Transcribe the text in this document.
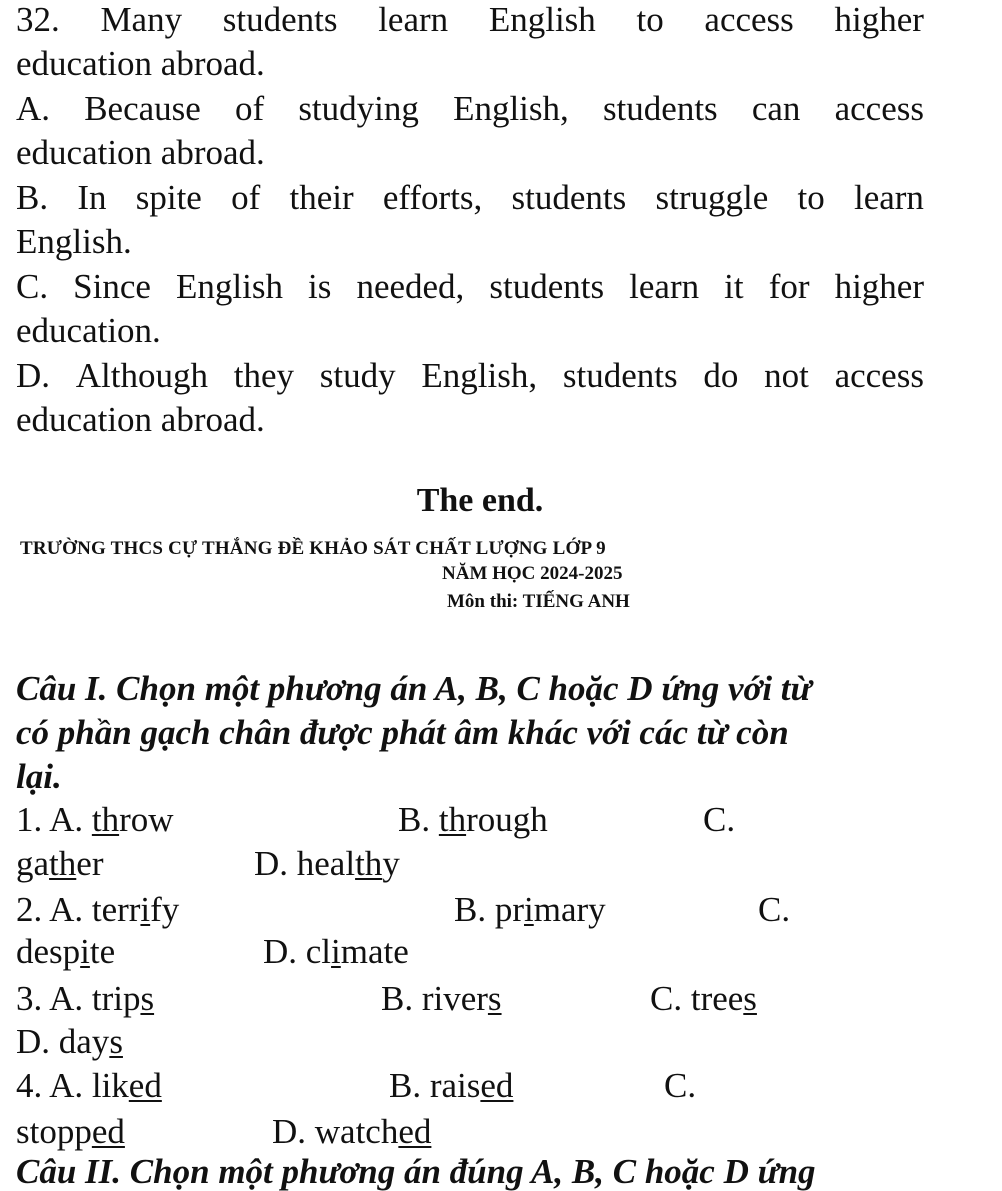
32. Many students learn English to access higher
education abroad.
A. Because of studying English, students can access
education abroad.
B. In spite of their efforts, students struggle to learn
English.
C. Since English is needed, students learn it for higher
education.
D. Although they study English, students do not access
education abroad.
The end.
TRƯỜNG THCS CỰ THẮNG ĐỀ KHẢO SÁT CHẤT LƯỢNG LỚP 9
NĂM HỌC 2024-2025
Môn thi: TIẾNG ANH
Câu I. Chọn một phương án A, B, C hoặc D ứng với từ
có phần gạch chân được phát âm khác với các từ còn
lại.
1. A. throw	B. through	C.
gather	D. healthy
2. A. terrify	B. primary	C.
despite	D. climate
3. A. trips	B. rivers	C. trees
D. days
4. A. liked	B. raised	C.
stopped	D. watched
Câu II. Chọn một phương án đúng A, B, C hoặc D ứng
